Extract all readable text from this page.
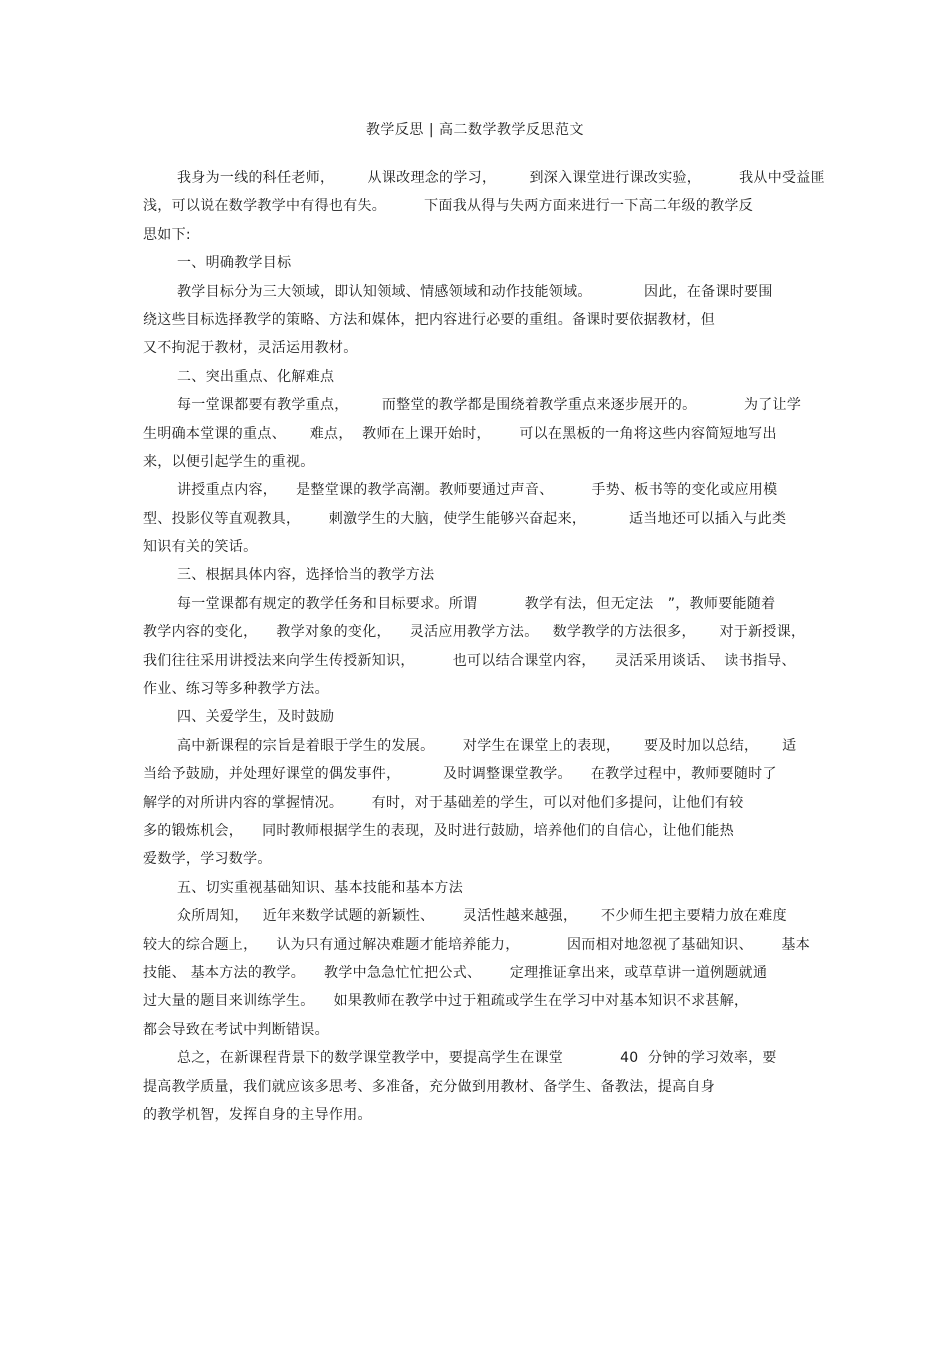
教学反思 | 高二数学教学反思范文
我身为一线的科任老师，       从课改理念的学习，       到深入课堂进行课改实验，        我从中受益匪
浅，可以说在数学教学中有得也有失。        下面我从得与失两方面来进行一下高二年级的教学反
思如下:
一、明确教学目标
教学目标分为三大领域，即认知领域、情感领域和动作技能领域。           因此，在备课时要围
绕这些目标选择教学的策略、方法和媒体，把内容进行必要的重组。备课时要依据教材，但
又不拘泥于教材，灵活运用教材。
二、突出重点、化解难点
每一堂课都要有教学重点，       而整堂的教学都是围绕着教学重点来逐步展开的。          为了让学
生明确本堂课的重点、     难点，  教师在上课开始时，      可以在黑板的一角将这些内容简短地写出
来，以便引起学生的重视。
讲授重点内容，    是整堂课的教学高潮。教师要通过声音、        手势、板书等的变化或应用模
型、投影仪等直观教具，      刺激学生的大脑，使学生能够兴奋起来，         适当地还可以插入与此类
知识有关的笑话。
三、根据具体内容，选择恰当的教学方法
每一堂课都有规定的教学任务和目标要求。所谓          教学有法，但无定法   ”，教师要能随着
教学内容的变化，    教学对象的变化，    灵活应用教学方法。   数学教学的方法很多，     对于新授课，
我们往往采用讲授法来向学生传授新知识，        也可以结合课堂内容，    灵活采用谈话、  读书指导、
作业、练习等多种教学方法。
四、关爱学生，及时鼓励
高中新课程的宗旨是着眼于学生的发展。      对学生在课堂上的表现，     要及时加以总结，     适
当给予鼓励，并处理好课堂的偶发事件，         及时调整课堂教学。    在教学过程中，教师要随时了
解学的对所讲内容的掌握情况。      有时，对于基础差的学生，可以对他们多提问，让他们有较
多的锻炼机会，    同时教师根据学生的表现，及时进行鼓励，培养他们的自信心，让他们能热
爱数学，学习数学。
五、切实重视基础知识、基本技能和基本方法
众所周知，   近年来数学试题的新颖性、      灵活性越来越强，     不少师生把主要精力放在难度
较大的综合题上，    认为只有通过解决难题才能培养能力，          因而相对地忽视了基础知识、      基本
技能、 基本方法的教学。    教学中急急忙忙把公式、      定理推证拿出来，或草草讲一道例题就通
过大量的题目来训练学生。    如果教师在教学中过于粗疏或学生在学习中对基本知识不求甚解，
都会导致在考试中判断错误。
总之，在新课程背景下的数学课堂教学中，要提高学生在课堂            40  分钟的学习效率，要
提高教学质量，我们就应该多思考、多准备，充分做到用教材、备学生、备教法，提高自身
的教学机智，发挥自身的主导作用。
